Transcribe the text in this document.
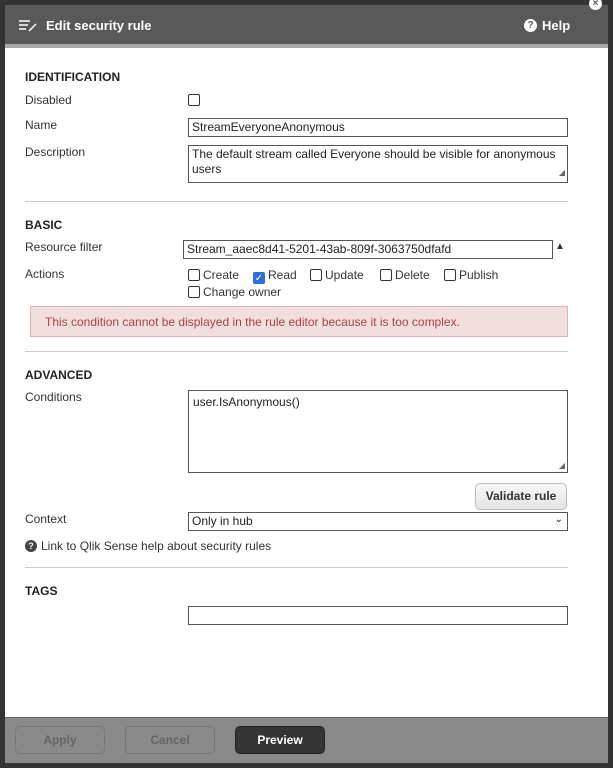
Edit security rule	? Help
×
IDENTIFICATION
Disabled
Name	StreamEveryoneAnonymous
Description	The default stream called Everyone should be visible for anonymous users	◢
BASIC
Resource filter	Stream_aaec8d41-5201-43ab-809f-3063750dfafd	▲
Actions	Create ✓ Read	Update	Delete	Publish
Change owner
This condition cannot be displayed in the rule editor because it is too complex.
ADVANCED
Conditions	user.IsAnonymous()
◢
Validate rule
Context	Only in hub	⌄
? Link to Qlik Sense help about security rules
TAGS
Apply	Cancel	Preview
